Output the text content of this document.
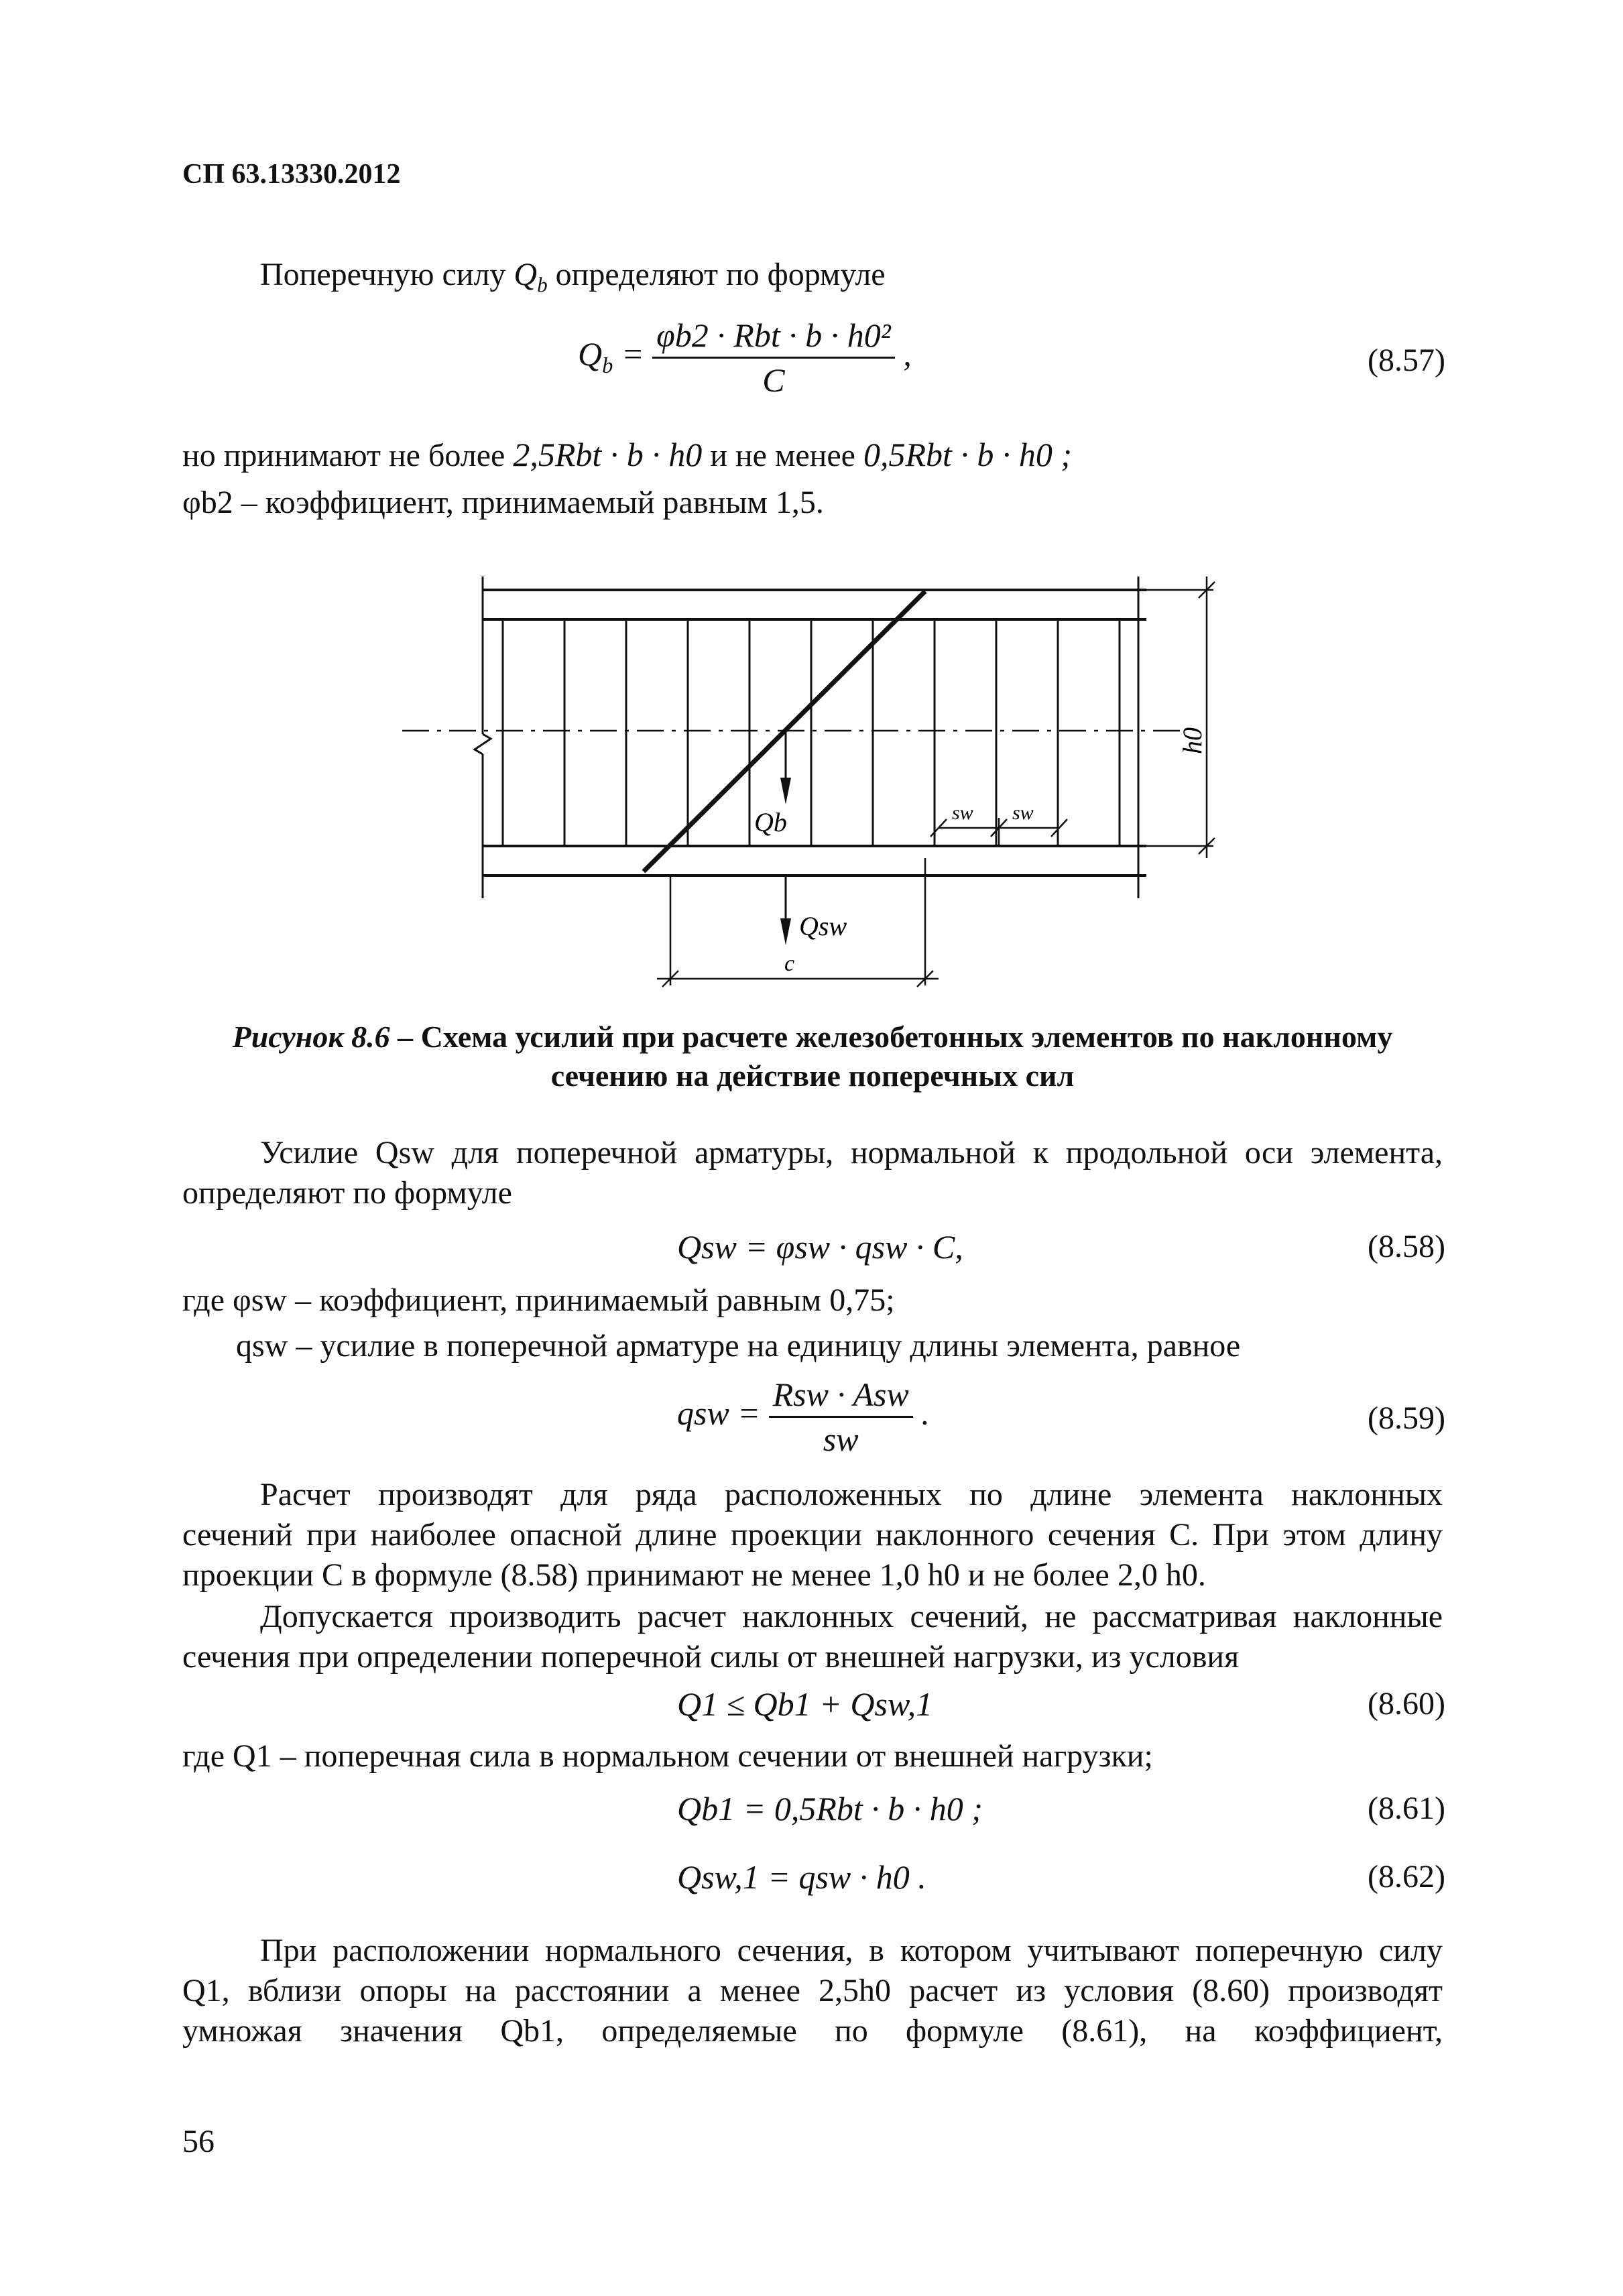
СП 63.13330.2012
Поперечную силу $Q_b$ определяют по формуле
$Q_b = \frac{\text{φb2 · Rbt · b · h0²}}{C}$ ,	(8.57)
но принимают не более 2,5Rbt · b · h0 и не менее 0,5Rbt · b · h0 ;
φb2 – коэффициент, принимаемый равным 1,5.
Qb
Qsw
sw sw
c
h0
Рисунок 8.6 – Схема усилий при расчете железобетонных элементов по наклонному
сечению на действие поперечных сил
Усилие Qsw для поперечной арматуры, нормальной к продольной оси элемента,
определяют по формуле
Qsw = φsw · qsw · C,	(8.58)
где φsw – коэффициент, принимаемый равным 0,75;
qsw – усилие в поперечной арматуре на единицу длины элемента, равное
qsw = $\frac{\text{Rsw · Asw}}{sw}$ .	(8.59)
Расчет производят для ряда расположенных по длине элемента наклонных
сечений при наиболее опасной длине проекции наклонного сечения C. При этом длину
проекции C в формуле (8.58) принимают не менее 1,0 h0 и не более 2,0 h0.
Допускается производить расчет наклонных сечений, не рассматривая наклонные
сечения при определении поперечной силы от внешней нагрузки, из условия
Q1 ≤ Qb1 + Qsw,1	(8.60)
где Q1 – поперечная сила в нормальном сечении от внешней нагрузки;
Qb1 = 0,5Rbt · b · h0 ;	(8.61)
Qsw,1 = qsw · h0 .	(8.62)
При расположении нормального сечения, в котором учитывают поперечную силу
Q1, вблизи опоры на расстоянии a менее 2,5h0 расчет из условия (8.60) производят
умножая значения Qb1, определяемые по формуле (8.61), на коэффициент,
56
